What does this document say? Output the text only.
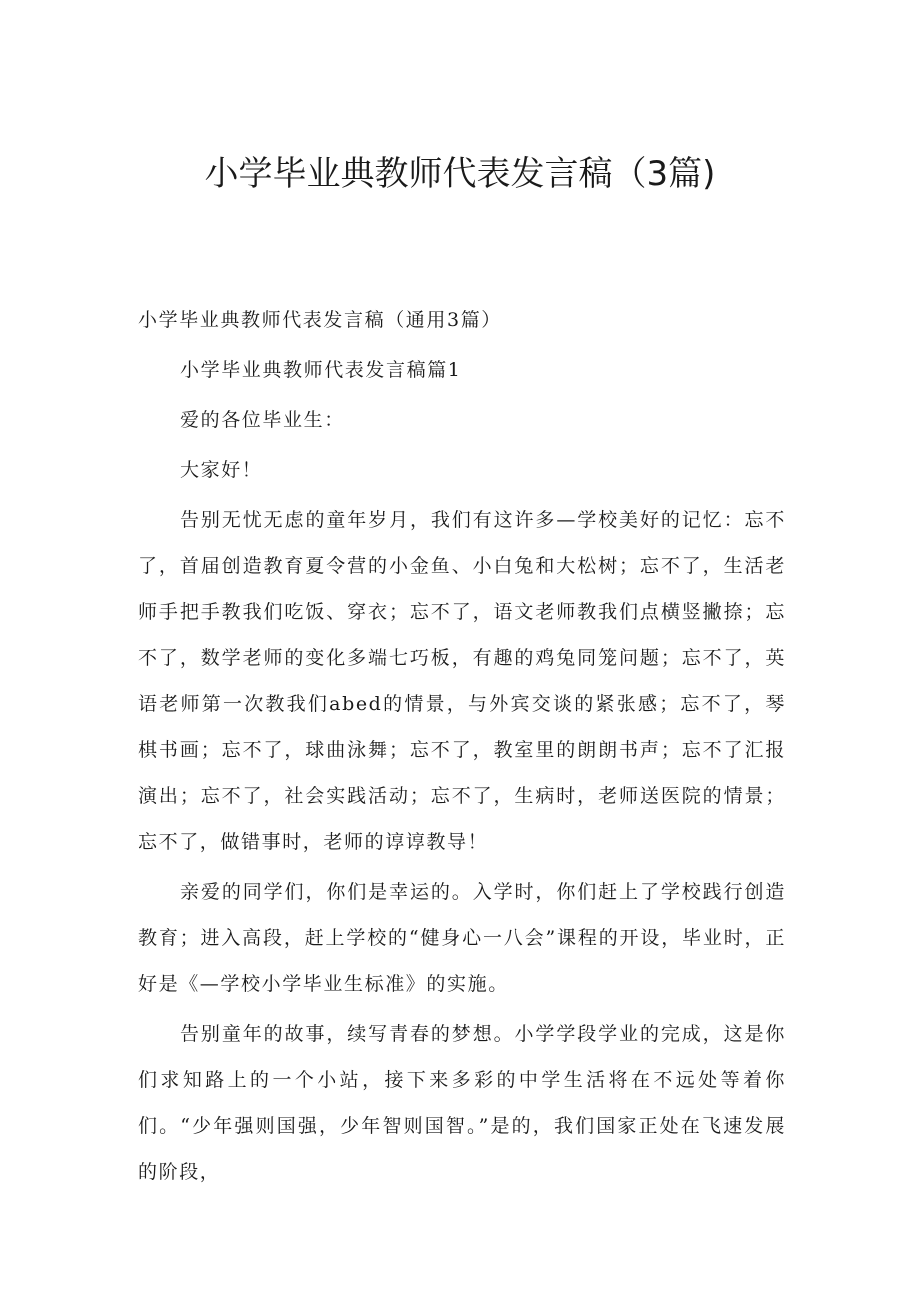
小学毕业典教师代表发言稿（3篇)

小学毕业典教师代表发言稿（通用3篇）

小学毕业典教师代表发言稿篇1

爱的各位毕业生：

大家好！

告别无忧无虑的童年岁月，我们有这许多—学校美好的记忆：忘不了，首届创造教育夏令营的小金鱼、小白兔和大松树；忘不了，生活老师手把手教我们吃饭、穿衣；忘不了，语文老师教我们点横竖撇捺；忘不了，数学老师的变化多端七巧板，有趣的鸡兔同笼问题；忘不了，英语老师第一次教我们abed的情景，与外宾交谈的紧张感；忘不了，琴棋书画；忘不了，球曲泳舞；忘不了，教室里的朗朗书声；忘不了汇报演出；忘不了，社会实践活动；忘不了，生病时，老师送医院的情景；忘不了，做错事时，老师的谆谆教导！

亲爱的同学们，你们是幸运的。入学时，你们赶上了学校践行创造教育；进入高段，赶上学校的“健身心一八会”课程的开设，毕业时，正好是《—学校小学毕业生标准》的实施。

告别童年的故事，续写青春的梦想。小学学段学业的完成，这是你们求知路上的一个小站，接下来多彩的中学生活将在不远处等着你们。“少年强则国强，少年智则国智。”是的，我们国家正处在飞速发展的阶段，
